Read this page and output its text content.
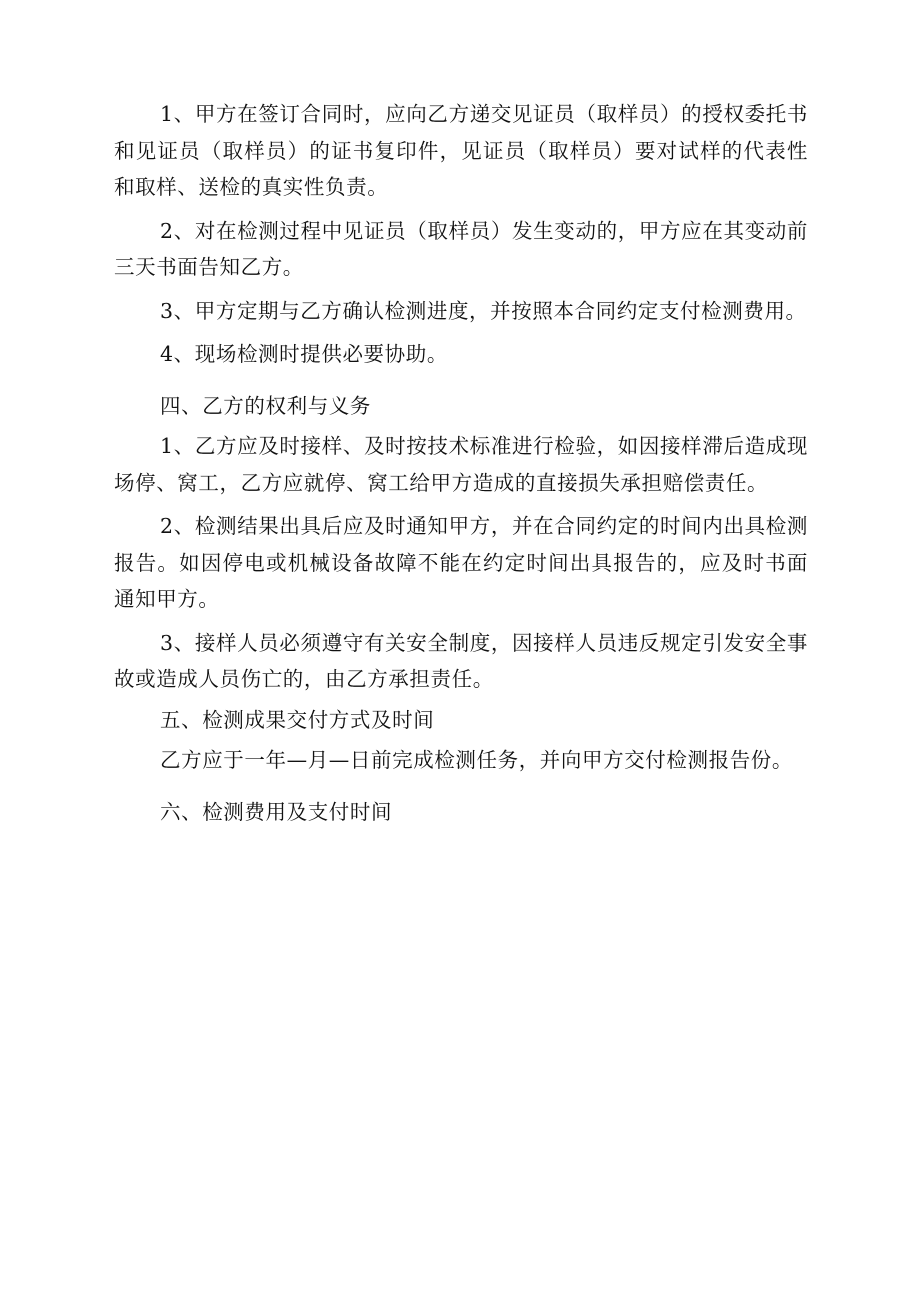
1、甲方在签订合同时，应向乙方递交见证员（取样员）的授权委托书和见证员（取样员）的证书复印件，见证员（取样员）要对试样的代表性和取样、送检的真实性负责。

2、对在检测过程中见证员（取样员）发生变动的，甲方应在其变动前三天书面告知乙方。

3、甲方定期与乙方确认检测进度，并按照本合同约定支付检测费用。

4、现场检测时提供必要协助。

四、乙方的权利与义务

1、乙方应及时接样、及时按技术标准进行检验，如因接样滞后造成现场停、窝工，乙方应就停、窝工给甲方造成的直接损失承担赔偿责任。

2、检测结果出具后应及时通知甲方，并在合同约定的时间内出具检测报告。如因停电或机械设备故障不能在约定时间出具报告的，应及时书面通知甲方。

3、接样人员必须遵守有关安全制度，因接样人员违反规定引发安全事故或造成人员伤亡的，由乙方承担责任。

五、检测成果交付方式及时间

乙方应于一年—月—日前完成检测任务，并向甲方交付检测报告份。

六、检测费用及支付时间
